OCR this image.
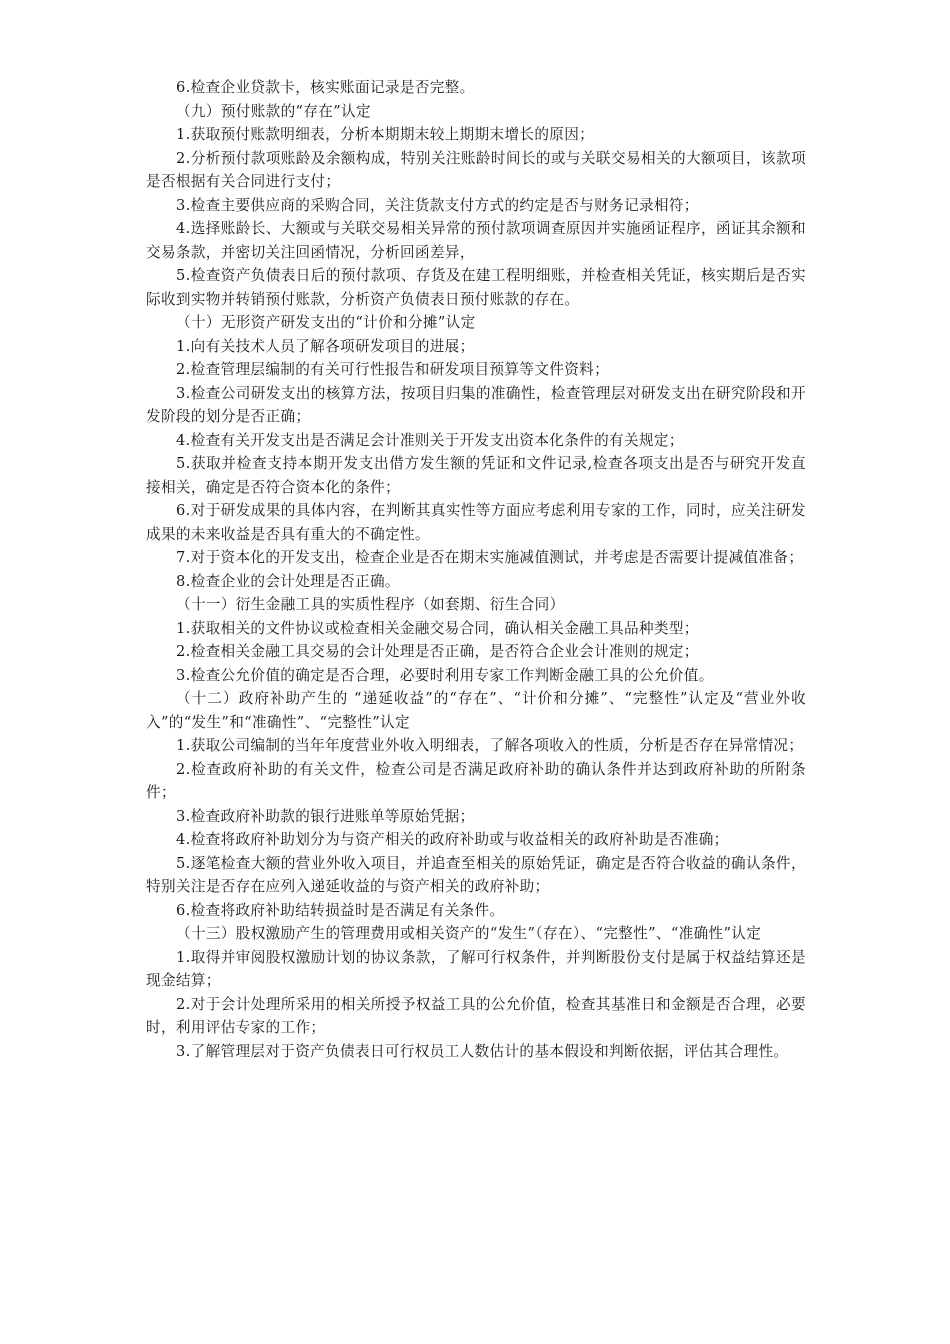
6.检查企业贷款卡，核实账面记录是否完整。

（九）预付账款的“存在”认定

1.获取预付账款明细表，分析本期期末较上期期末增长的原因；

2.分析预付款项账龄及余额构成，特别关注账龄时间长的或与关联交易相关的大额项目，该款项是否根据有关合同进行支付；

3.检查主要供应商的采购合同，关注货款支付方式的约定是否与财务记录相符；

4.选择账龄长、大额或与关联交易相关异常的预付款项调查原因并实施函证程序，函证其余额和交易条款，并密切关注回函情况，分析回函差异，

5.检查资产负债表日后的预付款项、存货及在建工程明细账，并检查相关凭证，核实期后是否实际收到实物并转销预付账款，分析资产负债表日预付账款的存在。

（十）无形资产研发支出的“计价和分摊”认定

1.向有关技术人员了解各项研发项目的进展；

2.检查管理层编制的有关可行性报告和研发项目预算等文件资料；

3.检查公司研发支出的核算方法，按项目归集的准确性，检查管理层对研发支出在研究阶段和开发阶段的划分是否正确；

4.检查有关开发支出是否满足会计准则关于开发支出资本化条件的有关规定；

5.获取并检查支持本期开发支出借方发生额的凭证和文件记录,检查各项支出是否与研究开发直接相关，确定是否符合资本化的条件；

6.对于研发成果的具体内容，在判断其真实性等方面应考虑利用专家的工作，同时，应关注研发成果的未来收益是否具有重大的不确定性。

7.对于资本化的开发支出，检查企业是否在期末实施减值测试，并考虑是否需要计提减值准备；

8.检查企业的会计处理是否正确。

（十一）衍生金融工具的实质性程序（如套期、衍生合同）

1.获取相关的文件协议或检查相关金融交易合同，确认相关金融工具品种类型；

2.检查相关金融工具交易的会计处理是否正确，是否符合企业会计准则的规定；

3.检查公允价值的确定是否合理，必要时利用专家工作判断金融工具的公允价值。

（十二）政府补助产生的 “递延收益”的“存在”、“计价和分摊”、“完整性”认定及“营业外收入”的“发生”和“准确性”、“完整性”认定

1.获取公司编制的当年年度营业外收入明细表，了解各项收入的性质，分析是否存在异常情况；

2.检查政府补助的有关文件，检查公司是否满足政府补助的确认条件并达到政府补助的所附条件；

3.检查政府补助款的银行进账单等原始凭据；

4.检查将政府补助划分为与资产相关的政府补助或与收益相关的政府补助是否准确；

5.逐笔检查大额的营业外收入项目，并追查至相关的原始凭证，确定是否符合收益的确认条件，特别关注是否存在应列入递延收益的与资产相关的政府补助；

6.检查将政府补助结转损益时是否满足有关条件。

（十三）股权激励产生的管理费用或相关资产的“发生”（存在）、“完整性”、“准确性”认定

1.取得并审阅股权激励计划的协议条款，了解可行权条件，并判断股份支付是属于权益结算还是现金结算；

2.对于会计处理所采用的相关所授予权益工具的公允价值，检查其基准日和金额是否合理，必要时，利用评估专家的工作；

3.了解管理层对于资产负债表日可行权员工人数估计的基本假设和判断依据，评估其合理性。
